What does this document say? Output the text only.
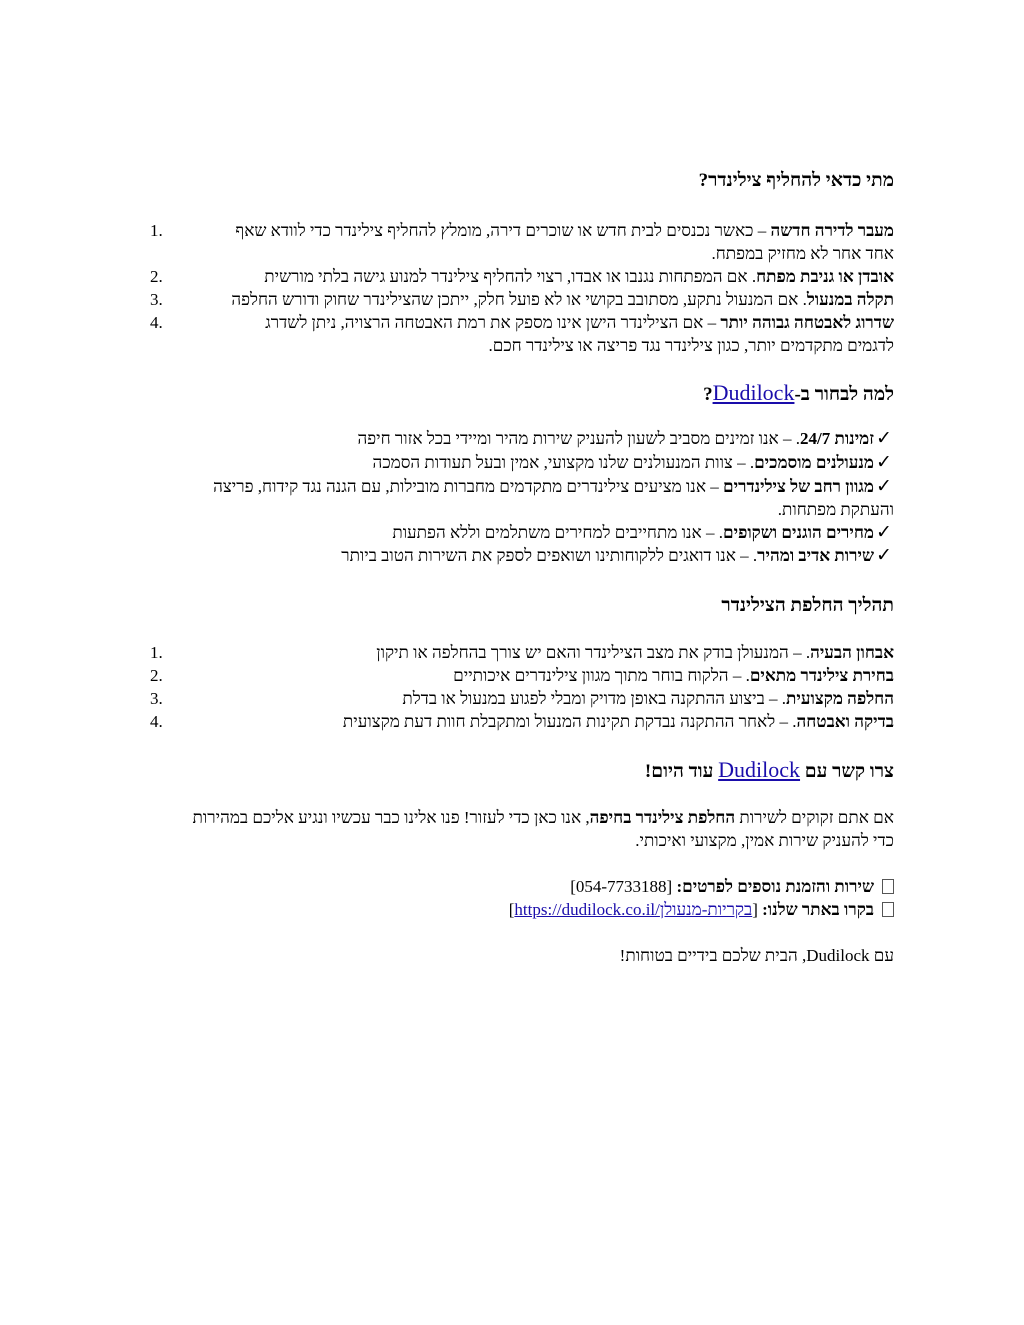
מתי כדאי להחליף צילינדר?
1.	מעבר לדירה חדשה – כאשר נכנסים לבית חדש או שוכרים דירה, מומלץ להחליף צילינדר כדי לוודא שאף
אחד אחר לא מחזיק במפתח.
2.	אובדן או גניבת מפתח. אם המפתחות נגנבו או אבדו, רצוי להחליף צילינדר למנוע גישה בלתי מורשית
3.	תקלה במנעול. אם המנעול נתקע, מסתובב בקושי או לא פועל חלק, ייתכן שהצילינדר שחוק ודורש החלפה
4.	שדרוג לאבטחה גבוהה יותר – אם הצילינדר הישן אינו מספק את רמת האבטחה הרצויה, ניתן לשדרג
לדגמים מתקדמים יותר, כגון צילינדר נגד פריצה או צילינדר חכם.
למה לבחור ב-Dudilock?
✓זמינות 24/7. – אנו זמינים מסביב לשעון להעניק שירות מהיר ומיידי בכל אזור חיפה
✓מנעולנים מוסמכים. – צוות המנעולנים שלנו מקצועי, אמין ובעל תעודות הסמכה
✓מגוון רחב של צילינדרים – אנו מציעים צילינדרים מתקדמים מחברות מובילות, עם הגנה נגד קידוח, פריצה
והעתקת מפתחות.
✓מחירים הוגנים ושקופים. – אנו מתחייבים למחירים משתלמים וללא הפתעות
✓שירות אדיב ומהיר. – אנו דואגים ללקוחותינו ושואפים לספק את השירות הטוב ביותר
תהליך החלפת הצילינדר
1.	אבחון הבעיה. – המנעולן בודק את מצב הצילינדר והאם יש צורך בהחלפה או תיקון
2.	בחירת צילינדר מתאים. – הלקוח בוחר מתוך מגוון צילינדרים איכותיים
3.	החלפה מקצועית. – ביצוע ההתקנה באופן מדויק ומבלי לפגוע במנעול או בדלת
4.	בדיקה ואבטחה. – לאחר ההתקנה נבדקת תקינות המנעול ומתקבלת חוות דעת מקצועית
צרו קשר עם Dudilock עוד היום!
אם אתם זקוקים לשירות החלפת צילינדר בחיפה, אנו כאן כדי לעזור! פנו אלינו כבר עכשיו ונגיע אליכם במהירות
כדי להעניק שירות אמין, מקצועי ואיכותי.
שירות והזמנת נוספים לפרטים: [054-7733188]
בקרו באתר שלנו: [https://dudilock.co.il/בקריות-מנעולן]
עם Dudilock, הבית שלכם בידיים בטוחות!
